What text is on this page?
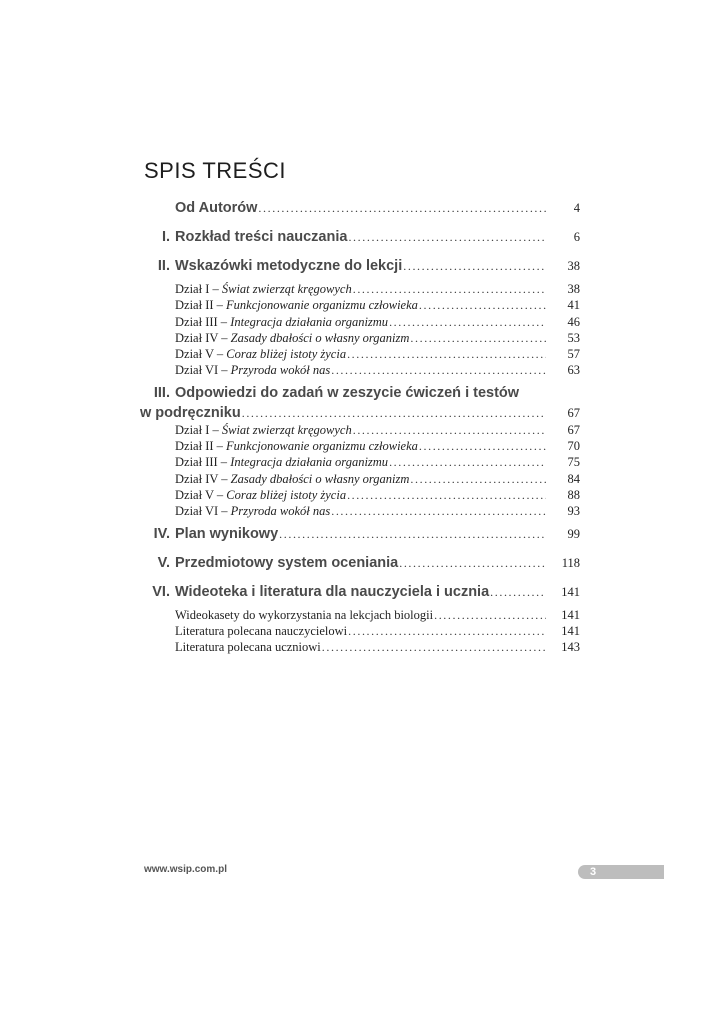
SPIS TREŚCI
Od Autorów .....	4
I. Rozkład treści nauczania .....	6
II. Wskazówki metodyczne do lekcji .....	38
Dział I – Świat zwierząt kręgowych .....	38
Dział II – Funkcjonowanie organizmu człowieka .....	41
Dział III – Integracja działania organizmu .....	46
Dział IV – Zasady dbałości o własny organizm .....	53
Dział V – Coraz bliżej istoty życia .....	57
Dział VI – Przyroda wokół nas .....	63
III. Odpowiedzi do zadań w zeszycie ćwiczeń i testów
w podręczniku .....	67
Dział I – Świat zwierząt kręgowych .....	67
Dział II – Funkcjonowanie organizmu człowieka .....	70
Dział III – Integracja działania organizmu .....	75
Dział IV – Zasady dbałości o własny organizm .....	84
Dział V – Coraz bliżej istoty życia .....	88
Dział VI – Przyroda wokół nas .....	93
IV. Plan wynikowy .....	99
V. Przedmiotowy system oceniania .....	118
VI. Wideoteka i literatura dla nauczyciela i ucznia .....	141
Wideokasety do wykorzystania na lekcjach biologii .....	141
Literatura polecana nauczycielowi .....	141
Literatura polecana uczniowi .....	143
www.wsip.com.pl	3
